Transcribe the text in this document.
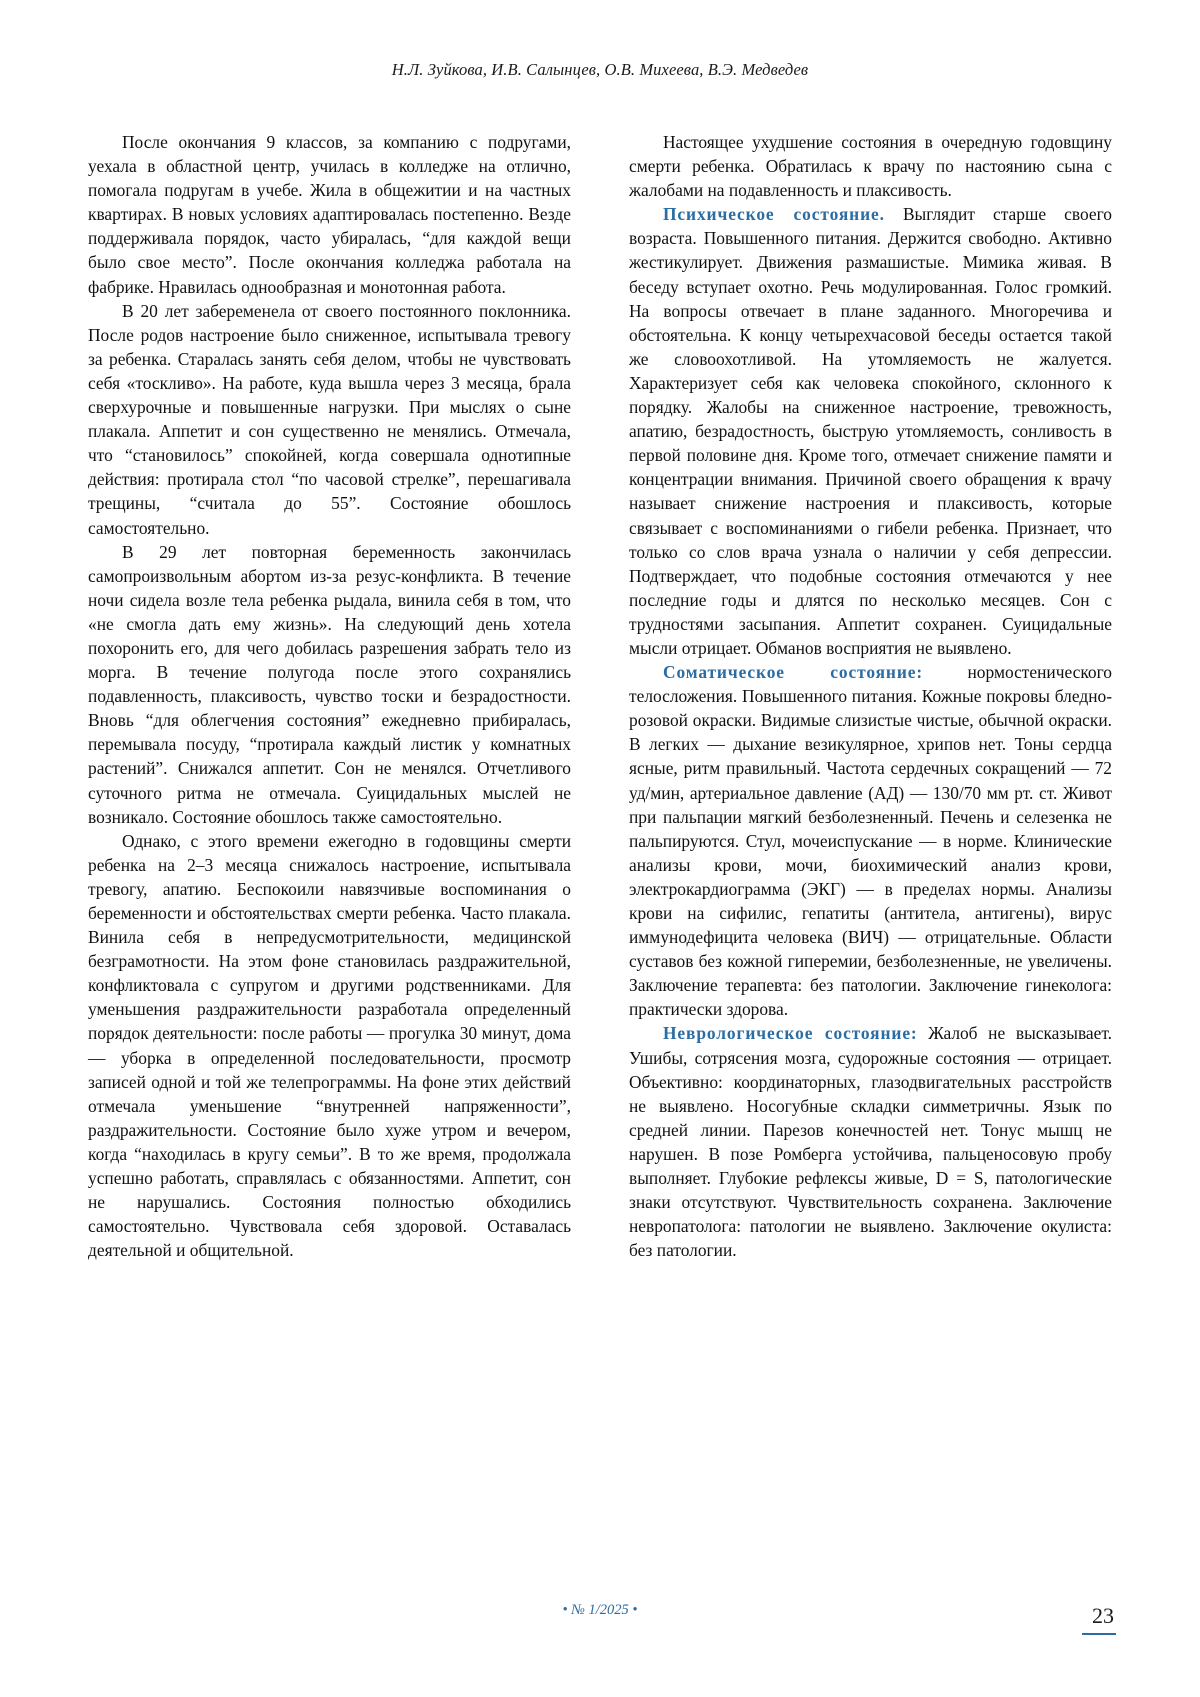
Н.Л. Зуйкова, И.В. Салынцев, О.В. Михеева, В.Э. Медведев

После окончания 9 классов, за компанию с подругами, уехала в областной центр, училась в колледже на отлично, помогала подругам в учебе. Жила в общежитии и на частных квартирах. В новых условиях адаптировалась постепенно. Везде поддерживала порядок, часто убиралась, “для каждой вещи было свое место”. После окончания колледжа работала на фабрике. Нравилась однообразная и монотонная работа.

В 20 лет забеременела от своего постоянного поклонника. После родов настроение было сниженное, испытывала тревогу за ребенка. Старалась занять себя делом, чтобы не чувствовать себя «тоскливо». На работе, куда вышла через 3 месяца, брала сверхурочные и повышенные нагрузки. При мыслях о сыне плакала. Аппетит и сон существенно не менялись. Отмечала, что “становилось” спокойней, когда совершала однотипные действия: протирала стол “по часовой стрелке”, перешагивала трещины, “считала до 55”. Состояние обошлось самостоятельно.

В 29 лет повторная беременность закончилась самопроизвольным абортом из-за резус-конфликта. В течение ночи сидела возле тела ребенка рыдала, винила себя в том, что «не смогла дать ему жизнь». На следующий день хотела похоронить его, для чего добилась разрешения забрать тело из морга. В течение полугода после этого сохранялись подавленность, плаксивость, чувство тоски и безрадостности. Вновь “для облегчения состояния” ежедневно прибиралась, перемывала посуду, “протирала каждый листик у комнатных растений”. Снижался аппетит. Сон не менялся. Отчетливого суточного ритма не отмечала. Суицидальных мыслей не возникало. Состояние обошлось также самостоятельно.

Однако, с этого времени ежегодно в годовщины смерти ребенка на 2–3 месяца снижалось настроение, испытывала тревогу, апатию. Беспокоили навязчивые воспоминания о беременности и обстоятельствах смерти ребенка. Часто плакала. Винила себя в непредусмотрительности, медицинской безграмотности. На этом фоне становилась раздражительной, конфликтовала с супругом и другими родственниками. Для уменьшения раздражительности разработала определенный порядок деятельности: после работы — прогулка 30 минут, дома — уборка в определенной последовательности, просмотр записей одной и той же телепрограммы. На фоне этих действий отмечала уменьшение “внутренней напряженности”, раздражительности. Состояние было хуже утром и вечером, когда “находилась в кругу семьи”. В то же время, продолжала успешно работать, справлялась с обязанностями. Аппетит, сон не нарушались. Состояния полностью обходились самостоятельно. Чувствовала себя здоровой. Оставалась деятельной и общительной.

Настоящее ухудшение состояния в очередную годовщину смерти ребенка. Обратилась к врачу по настоянию сына с жалобами на подавленность и плаксивость.

Психическое состояние. Выглядит старше своего возраста. Повышенного питания. Держится свободно. Активно жестикулирует. Движения размашистые. Мимика живая. В беседу вступает охотно. Речь модулированная. Голос громкий. На вопросы отвечает в плане заданного. Многоречива и обстоятельна. К концу четырехчасовой беседы остается такой же словоохотливой. На утомляемость не жалуется. Характеризует себя как человека спокойного, склонного к порядку. Жалобы на сниженное настроение, тревожность, апатию, безрадостность, быструю утомляемость, сонливость в первой половине дня. Кроме того, отмечает снижение памяти и концентрации внимания. Причиной своего обращения к врачу называет снижение настроения и плаксивость, которые связывает с воспоминаниями о гибели ребенка. Признает, что только со слов врача узнала о наличии у себя депрессии. Подтверждает, что подобные состояния отмечаются у нее последние годы и длятся по несколько месяцев. Сон с трудностями засыпания. Аппетит сохранен. Суицидальные мысли отрицает. Обманов восприятия не выявлено.

Соматическое состояние: нормостенического телосложения. Повышенного питания. Кожные покровы бледно-розовой окраски. Видимые слизистые чистые, обычной окраски. В легких — дыхание везикулярное, хрипов нет. Тоны сердца ясные, ритм правильный. Частота сердечных сокращений — 72 уд/мин, артериальное давление (АД) — 130/70 мм рт. ст. Живот при пальпации мягкий безболезненный. Печень и селезенка не пальпируются. Стул, мочеиспускание — в норме. Клинические анализы крови, мочи, биохимический анализ крови, электрокардиограмма (ЭКГ) — в пределах нормы. Анализы крови на сифилис, гепатиты (антитела, антигены), вирус иммунодефицита человека (ВИЧ) — отрицательные. Области суставов без кожной гиперемии, безболезненные, не увеличены. Заключение терапевта: без патологии. Заключение гинеколога: практически здорова.

Неврологическое состояние: Жалоб не высказывает. Ушибы, сотрясения мозга, судорожные состояния — отрицает. Объективно: координаторных, глазодвигательных расстройств не выявлено. Носогубные складки симметричны. Язык по средней линии. Парезов конечностей нет. Тонус мышц не нарушен. В позе Ромберга устойчива, пальценосовую пробу выполняет. Глубокие рефлексы живые, D = S, патологические знаки отсутствуют. Чувствительность сохранена. Заключение невропатолога: патологии не выявлено. Заключение окулиста: без патологии.

• № 1/2025 •	23
